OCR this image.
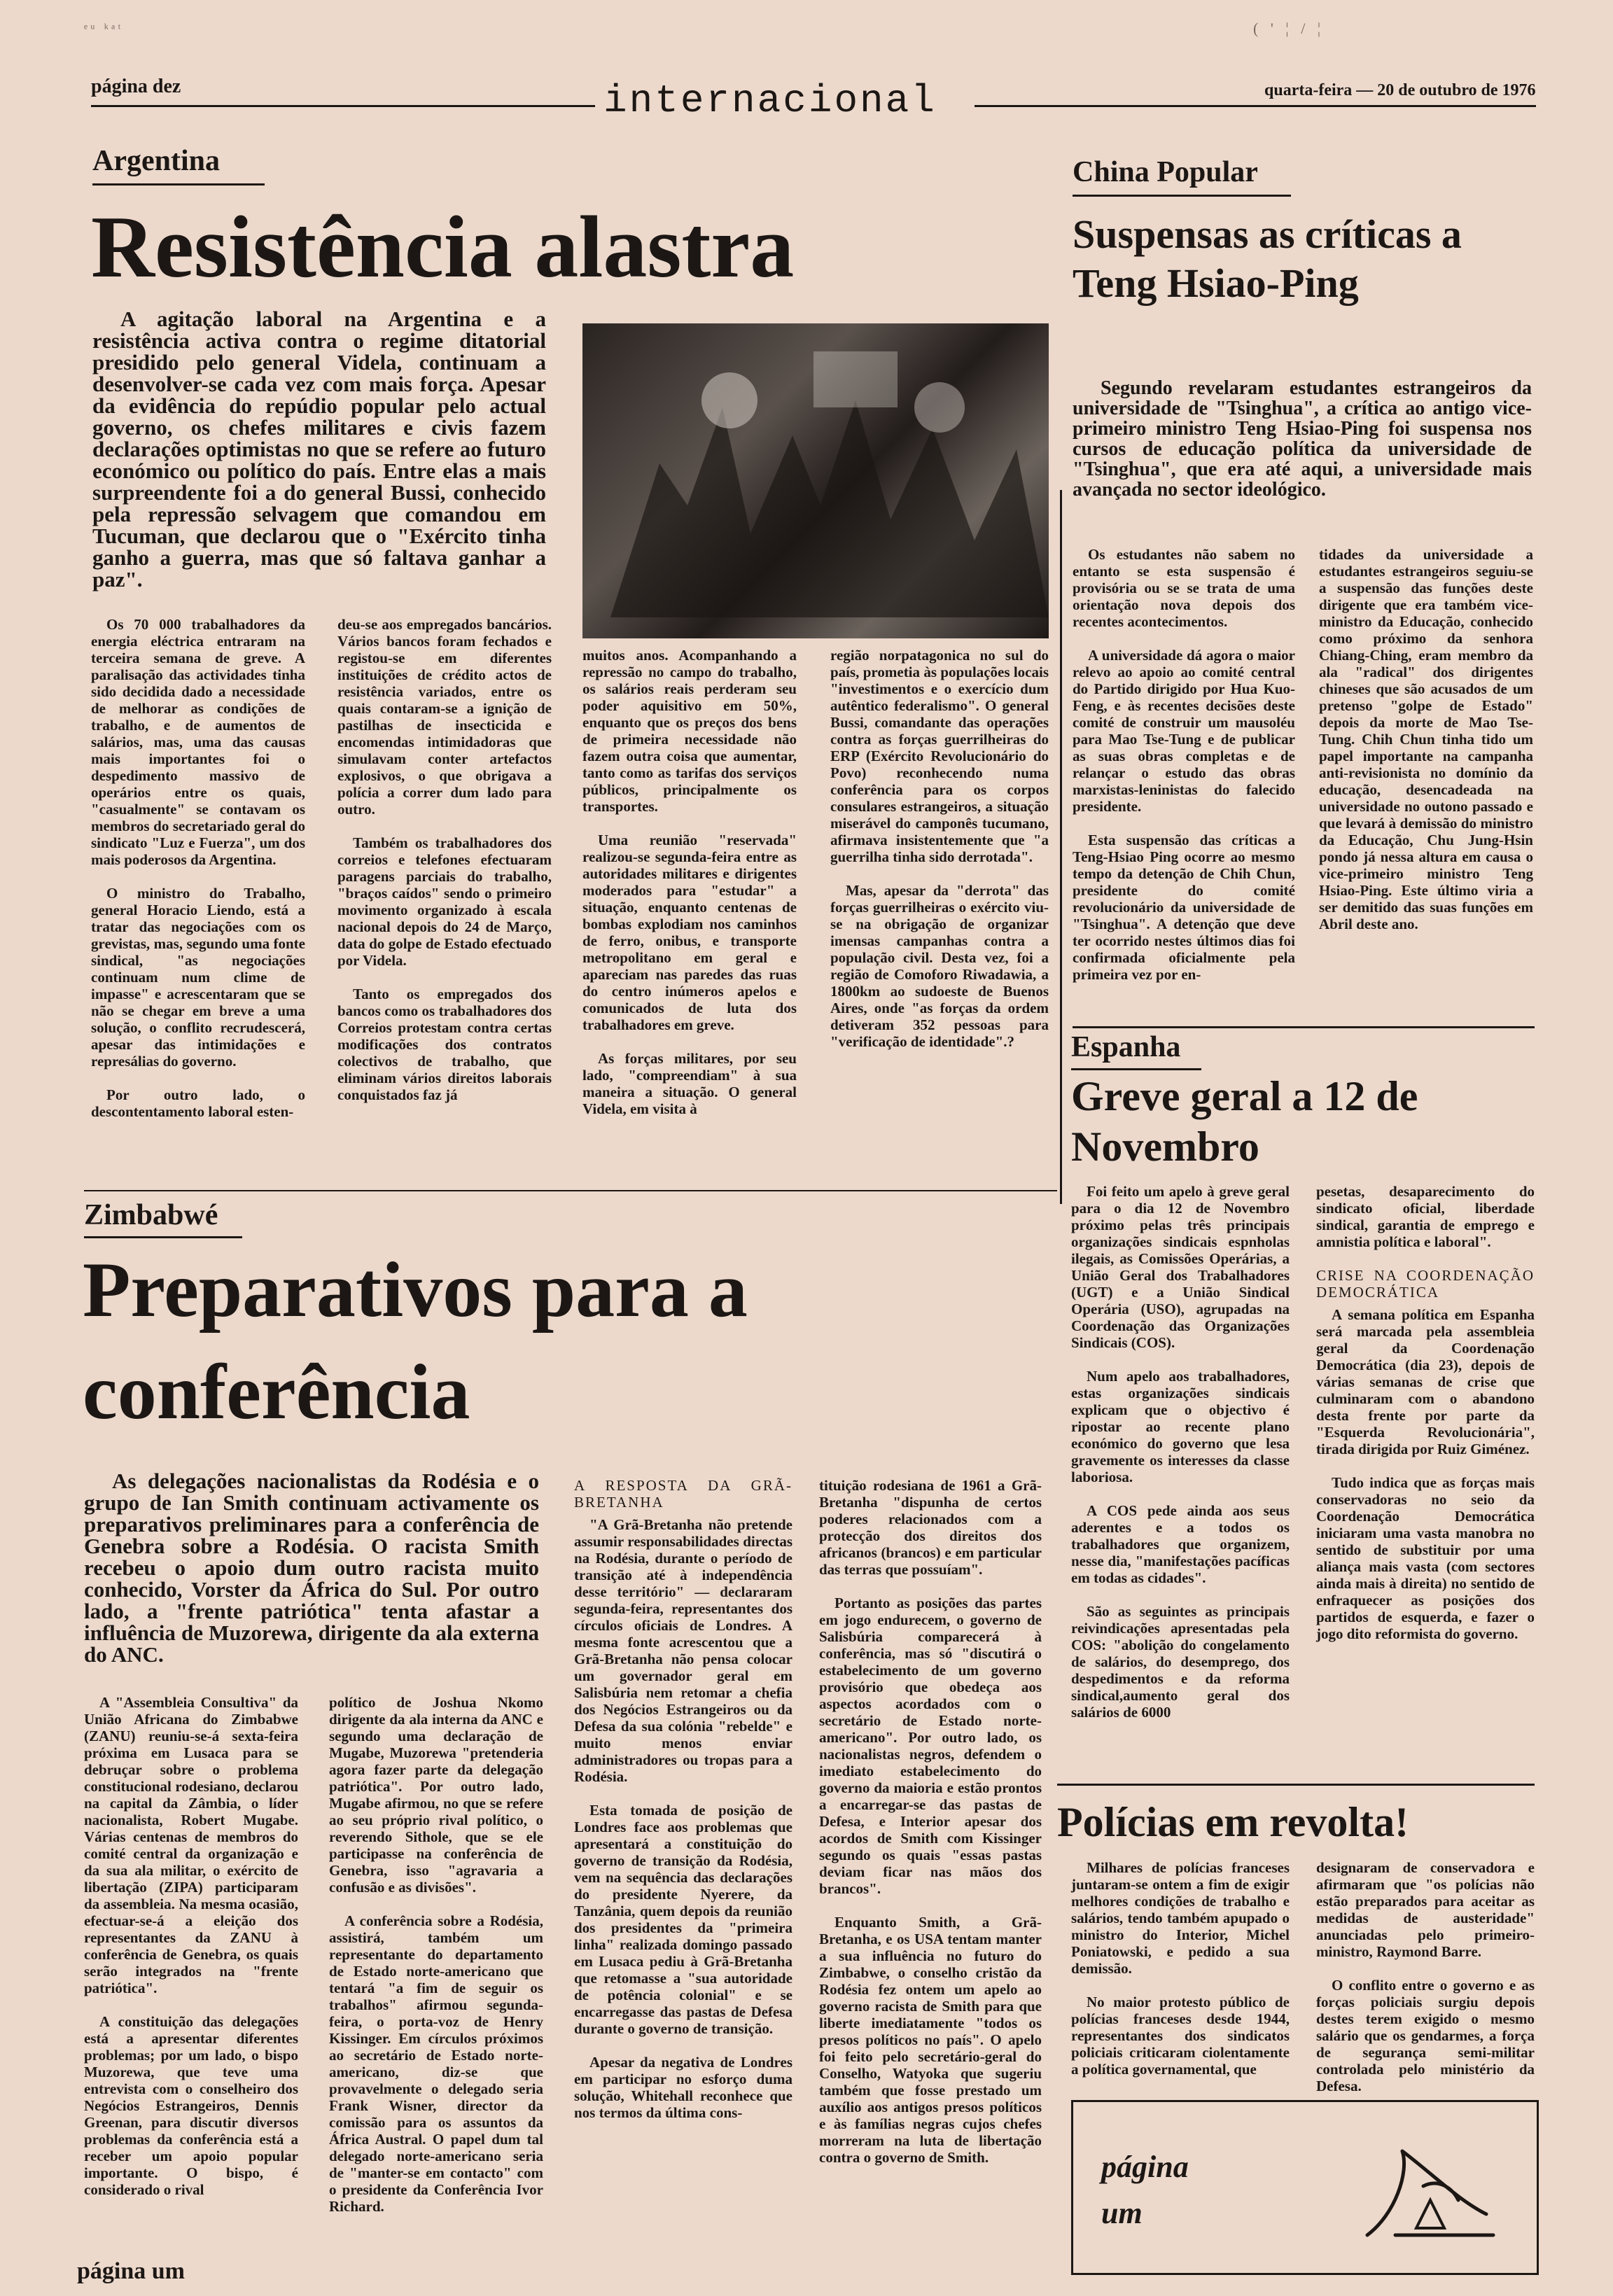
ᵉᵘ ᵏᵃᵗ	( ' ¦ / ¦
página dez	internacional	quarta-feira — 20 de outubro de 1976
Argentina
Resistência alastra
A agitação laboral na Argentina e a resistência activa contra o regime ditatorial presidido pelo general Videla, continuam a desenvolver-se cada vez com mais força. Apesar da evidência do repúdio popular pelo actual governo, os chefes militares e civis fazem declarações optimistas no que se refere ao futuro económico ou político do país. Entre elas a mais surpreendente foi a do general Bussi, conhecido pela repressão selvagem que comandou em Tucuman, que declarou que o "Exército tinha ganho a guerra, mas que só faltava ganhar a paz".

Os 70 000 trabalhadores da energia eléctrica entraram na terceira semana de greve. A paralisação das actividades tinha sido decidida dado a necessidade de melhorar as condições de trabalho, e de aumentos de salários, mas, uma das causas mais importantes foi o despedimento massivo de operários entre os quais, "casualmente" se contavam os membros do secretariado geral do sindicato "Luz e Fuerza", um dos mais poderosos da Argentina.

O ministro do Trabalho, general Horacio Liendo, está a tratar das negociações com os grevistas, mas, segundo uma fonte sindical, "as negociações continuam num clime de impasse" e acrescentaram que se não se chegar em breve a uma solução, o conflito recrudescerá, apesar das intimidações e represálias do governo.

Por outro lado, o descontentamento laboral esten-

deu-se aos empregados bancários. Vários bancos foram fechados e registou-se em diferentes instituições de crédito actos de resistência variados, entre os quais contaram-se a ignição de pastilhas de insecticida e encomendas intimidadoras que simulavam conter artefactos explosivos, o que obrigava a polícia a correr dum lado para outro.

Também os trabalhadores dos correios e telefones efectuaram paragens parciais do trabalho, "braços caídos" sendo o primeiro movimento organizado à escala nacional depois do 24 de Março, data do golpe de Estado efectuado por Videla.

Tanto os empregados dos bancos como os trabalhadores dos Correios protestam contra certas modificações dos contratos colectivos de trabalho, que eliminam vários direitos laborais conquistados faz já

muitos anos. Acompanhando a repressão no campo do trabalho, os salários reais perderam seu poder aquisitivo em 50%, enquanto que os preços dos bens de primeira necessidade não fazem outra coisa que aumentar, tanto como as tarifas dos serviços públicos, principalmente os transportes.

Uma reunião "reservada" realizou-se segunda-feira entre as autoridades militares e dirigentes moderados para "estudar" a situação, enquanto centenas de bombas explodiam nos caminhos de ferro, onibus, e transporte metropolitano em geral e apareciam nas paredes das ruas do centro inúmeros apelos e comunicados de luta dos trabalhadores em greve.

As forças militares, por seu lado, "compreendiam" à sua maneira a situação. O general Videla, em visita à

região norpatagonica no sul do país, prometia às populações locais "investimentos e o exercício dum autêntico federalismo". O general Bussi, comandante das operações contra as forças guerrilheiras do ERP (Exército Revolucionário do Povo) reconhecendo numa conferência para os corpos consulares estrangeiros, a situação miserável do camponês tucumano, afirmava insistentemente que "a guerrilha tinha sido derrotada".

Mas, apesar da "derrota" das forças guerrilheiras o exército viu-se na obrigação de organizar imensas campanhas contra a população civil. Desta vez, foi a região de Comoforo Riwadawia, a 1800km ao sudoeste de Buenos Aires, onde "as forças da ordem detiveram 352 pessoas para "verificação de identidade".?

China Popular
Suspensas as críticas a Teng Hsiao-Ping
Segundo revelaram estudantes estrangeiros da universidade de "Tsinghua", a crítica ao antigo vice-primeiro ministro Teng Hsiao-Ping foi suspensa nos cursos de educação política da universidade de "Tsinghua", que era até aqui, a universidade mais avançada no sector ideológico.

Os estudantes não sabem no entanto se esta suspensão é provisória ou se se trata de uma orientação nova depois dos recentes acontecimentos.

A universidade dá agora o maior relevo ao apoio ao comité central do Partido dirigido por Hua Kuo-Feng, e às recentes decisões deste comité de construir um mausoléu para Mao Tse-Tung e de publicar as suas obras completas e de relançar o estudo das obras marxistas-leninistas do falecido presidente.

Esta suspensão das críticas a Teng-Hsiao Ping ocorre ao mesmo tempo da detenção de Chih Chun, presidente do comité revolucionário da universidade de "Tsinghua". A detenção que deve ter ocorrido nestes últimos dias foi confirmada oficialmente pela primeira vez por en-

tidades da universidade a estudantes estrangeiros seguiu-se a suspensão das funções deste dirigente que era também vice-ministro da Educação, conhecido como próximo da senhora Chiang-Ching, eram membro da ala "radical" dos dirigentes chineses que são acusados de um pretenso "golpe de Estado" depois da morte de Mao Tse-Tung. Chih Chun tinha tido um papel importante na campanha anti-revisionista no domínio da educação, desencadeada na universidade no outono passado e que levará à demissão do ministro da Educação, Chu Jung-Hsin pondo já nessa altura em causa o vice-primeiro ministro Teng Hsiao-Ping. Este último viria a ser demitido das suas funções em Abril deste ano.

Espanha
Greve geral a 12 de Novembro

Foi feito um apelo à greve geral para o dia 12 de Novembro próximo pelas três principais organizações sindicais espnholas ilegais, as Comissões Operárias, a União Geral dos Trabalhadores (UGT) e a União Sindical Operária (USO), agrupadas na Coordenação das Organizações Sindicais (COS).

Num apelo aos trabalhadores, estas organizações sindicais explicam que o objectivo é ripostar ao recente plano económico do governo que lesa gravemente os interesses da classe laboriosa.

A COS pede ainda aos seus aderentes e a todos os trabalhadores que organizem, nesse dia, "manifestações pacíficas em todas as cidades".

São as seguintes as principais reivindicações apresentadas pela COS: "abolição do congelamento de salários, do desemprego, dos despedimentos e da reforma sindical,aumento geral dos salários de 6000

pesetas, desaparecimento do sindicato oficial, liberdade sindical, garantia de emprego e amnistia política e laboral".

CRISE NA COORDENAÇÃO DEMOCRÁTICA

A semana política em Espanha será marcada pela assembleia geral da Coordenação Democrática (dia 23), depois de várias semanas de crise que culminaram com o abandono desta frente por parte da "Esquerda Revolucionária", tirada dirigida por Ruiz Giménez.

Tudo indica que as forças mais conservadoras no seio da Coordenação Democrática iniciaram uma vasta manobra no sentido de substituir por uma aliança mais vasta (com sectores ainda mais à direita) no sentido de enfraquecer as posições dos partidos de esquerda, e fazer o jogo dito reformista do governo.

Zimbabwé
Preparativos para a conferência
As delegações nacionalistas da Rodésia e o grupo de Ian Smith continuam activamente os preparativos preliminares para a conferência de Genebra sobre a Rodésia. O racista Smith recebeu o apoio dum outro racista muito conhecido, Vorster da África do Sul. Por outro lado, a "frente patriótica" tenta afastar a influência de Muzorewa, dirigente da ala externa do ANC.

A "Assembleia Consultiva" da União Africana do Zimbabwe (ZANU) reuniu-se-á sexta-feira próxima em Lusaca para se debruçar sobre o problema constitucional rodesiano, declarou na capital da Zâmbia, o líder nacionalista, Robert Mugabe. Várias centenas de membros do comité central da organização e da sua ala militar, o exército de libertação (ZIPA) participaram da assembleia. Na mesma ocasião, efectuar-se-á a eleição dos representantes da ZANU à conferência de Genebra, os quais serão integrados na "frente patriótica".

A constituição das delegações está a apresentar diferentes problemas; por um lado, o bispo Muzorewa, que teve uma entrevista com o conselheiro dos Negócios Estrangeiros, Dennis Greenan, para discutir diversos problemas da conferência está a receber um apoio popular importante. O bispo, é considerado o rival

político de Joshua Nkomo dirigente da ala interna da ANC e segundo uma declaração de Mugabe, Muzorewa "pretenderia agora fazer parte da delegação patriótica". Por outro lado, Mugabe afirmou, no que se refere ao seu próprio rival político, o reverendo Sithole, que se ele participasse na conferência de Genebra, isso "agravaria a confusão e as divisões".

A conferência sobre a Rodésia, assistirá, também um representante do departamento de Estado norte-americano que tentará "a fim de seguir os trabalhos" afirmou segunda-feira, o porta-voz de Henry Kissinger. Em círculos próximos ao secretário de Estado norte-americano, diz-se que provavelmente o delegado seria Frank Wisner, director da comissão para os assuntos da África Austral. O papel dum tal delegado norte-americano seria de "manter-se em contacto" com o presidente da Conferência Ivor Richard.

A RESPOSTA DA GRÃ-BRETANHA

"A Grã-Bretanha não pretende assumir responsabilidades directas na Rodésia, durante o período de transição até à independência desse território" — declararam segunda-feira, representantes dos círculos oficiais de Londres. A mesma fonte acrescentou que a Grã-Bretanha não pensa colocar um governador geral em Salisbúria nem retomar a chefia dos Negócios Estrangeiros ou da Defesa da sua colónia "rebelde" e muito menos enviar administradores ou tropas para a Rodésia.

Esta tomada de posição de Londres face aos problemas que apresentará a constituição do governo de transição da Rodésia, vem na sequência das declarações do presidente Nyerere, da Tanzânia, quem depois da reunião dos presidentes da "primeira linha" realizada domingo passado em Lusaca pediu à Grã-Bretanha que retomasse a "sua autoridade de potência colonial" e se encarregasse das pastas de Defesa durante o governo de transição.

Apesar da negativa de Londres em participar no esforço duma solução, Whitehall reconhece que nos termos da última cons-

tituição rodesiana de 1961 a Grã-Bretanha "dispunha de certos poderes relacionados com a protecção dos direitos dos africanos (brancos) e em particular das terras que possuíam".

Portanto as posições das partes em jogo endurecem, o governo de Salisbúria comparecerá à conferência, mas só "discutirá o estabelecimento de um governo provisório que obedeça aos aspectos acordados com o secretário de Estado norte-americano". Por outro lado, os nacionalistas negros, defendem o imediato estabelecimento do governo da maioria e estão prontos a encarregar-se das pastas de Defesa, e Interior apesar dos acordos de Smith com Kissinger segundo os quais "essas pastas deviam ficar nas mãos dos brancos".

Enquanto Smith, a Grã-Bretanha, e os USA tentam manter a sua influência no futuro do Zimbabwe, o conselho cristão da Rodésia fez ontem um apelo ao governo racista de Smith para que liberte imediatamente "todos os presos políticos no país". O apelo foi feito pelo secretário-geral do Conselho, Watyoka que sugeriu também que fosse prestado um auxílio aos antigos presos políticos e às famílias negras cujos chefes morreram na luta de libertação contra o governo de Smith.

Polícias em revolta!

Milhares de polícias franceses juntaram-se ontem a fim de exigir melhores condições de trabalho e salários, tendo também apupado o ministro do Interior, Michel Poniatowski, e pedido a sua demissão.

No maior protesto público de polícias franceses desde 1944, representantes dos sindicatos policiais criticaram ciolentamente a política governamental, que

designaram de conservadora e afirmaram que "os polícias não estão preparados para aceitar as medidas de austeridade" anunciadas pelo primeiro-ministro, Raymond Barre.

O conflito entre o governo e as forças policiais surgiu depois destes terem exigido o mesmo salário que os gendarmes, a força de segurança semi-militar controlada pelo ministério da Defesa.

página um
página um
